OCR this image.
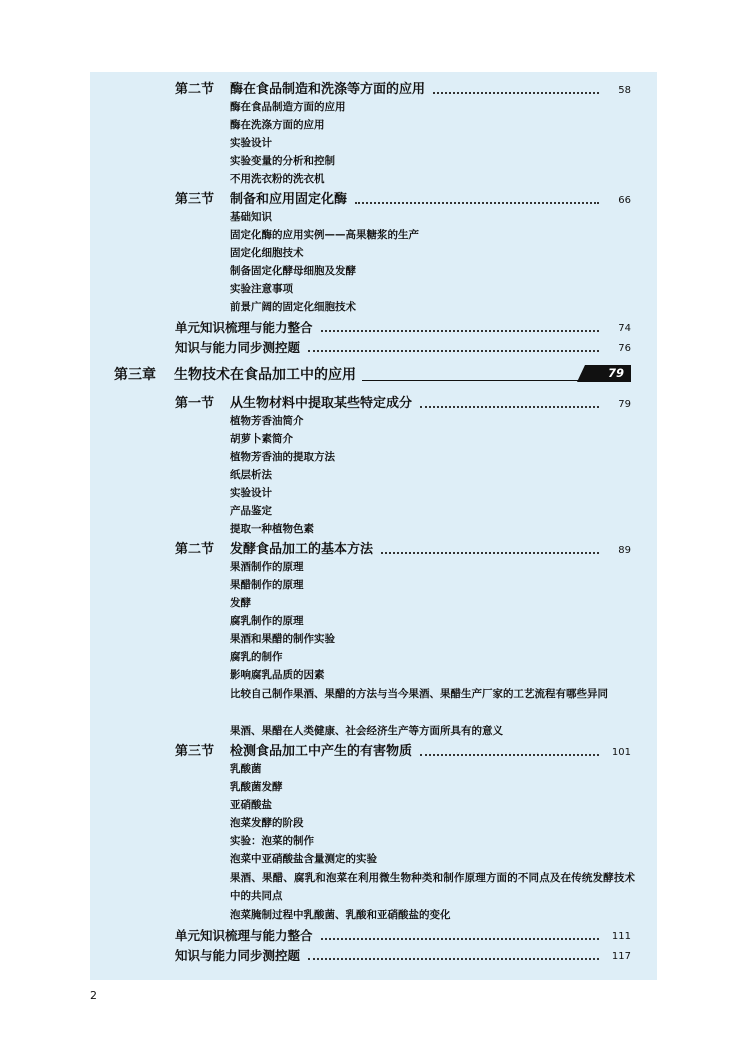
第二节	酶在食品制造和洗涤等方面的应用	58
酶在食品制造方面的应用
酶在洗涤方面的应用
实验设计
实验变量的分析和控制
不用洗衣粉的洗衣机
第三节	制备和应用固定化酶	66
基础知识
固定化酶的应用实例——高果糖浆的生产
固定化细胞技术
制备固定化酵母细胞及发酵
实验注意事项
前景广阔的固定化细胞技术
单元知识梳理与能力整合	74
知识与能力同步测控题	76
第三章	生物技术在食品加工中的应用	79
第一节	从生物材料中提取某些特定成分	79
植物芳香油简介
胡萝卜素简介
植物芳香油的提取方法
纸层析法
实验设计
产品鉴定
提取一种植物色素
第二节	发酵食品加工的基本方法	89
果酒制作的原理
果醋制作的原理
发酵
腐乳制作的原理
果酒和果醋的制作实验
腐乳的制作
影响腐乳品质的因素
比较自己制作果酒、果醋的方法与当今果酒、果醋生产厂家的工艺流程有哪些异同
果酒、果醋在人类健康、社会经济生产等方面所具有的意义
第三节	检测食品加工中产生的有害物质	101
乳酸菌
乳酸菌发酵
亚硝酸盐
泡菜发酵的阶段
实验：泡菜的制作
泡菜中亚硝酸盐含量测定的实验
果酒、果醋、腐乳和泡菜在利用微生物种类和制作原理方面的不同点及在传统发酵技术中的共同点
泡菜腌制过程中乳酸菌、乳酸和亚硝酸盐的变化
单元知识梳理与能力整合	111
知识与能力同步测控题	117
2
